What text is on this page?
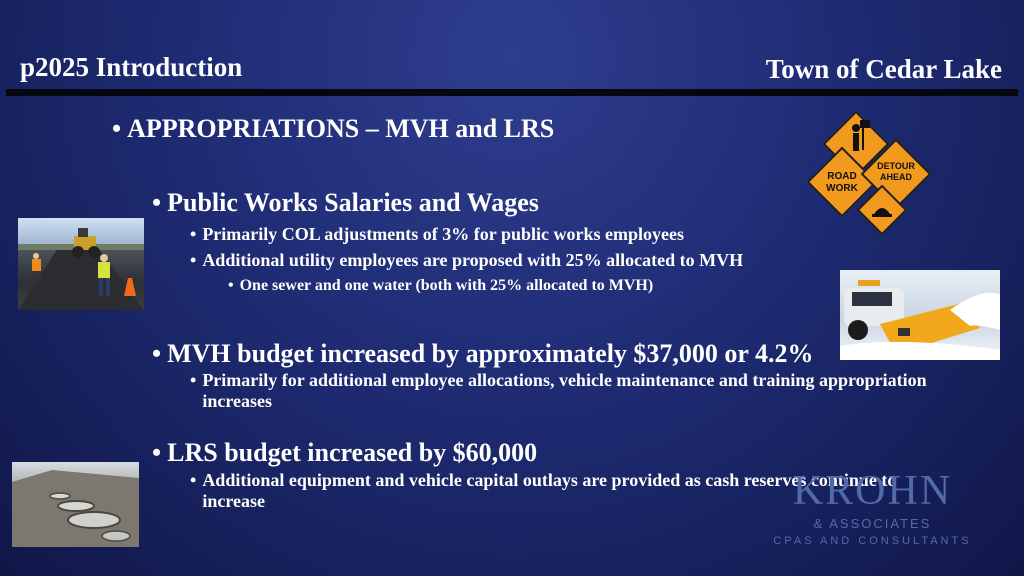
p2025 Introduction	Town of Cedar Lake
• APPROPRIATIONS – MVH and LRS
• Public Works Salaries and Wages
• Primarily COL adjustments of 3% for public works employees
• Additional utility employees are proposed with 25% allocated to MVH
• One sewer and one water (both with 25% allocated to MVH)
• MVH budget increased by approximately $37,000 or 4.2%
• Primarily for additional employee allocations, vehicle maintenance and training appropriation increases
• LRS budget increased by $60,000
• Additional equipment and vehicle capital outlays are provided as cash reserves continue to increase
ROAD
WORK
DETOUR
AHEAD
KROHN
& ASSOCIATES
CPAS AND CONSULTANTS
